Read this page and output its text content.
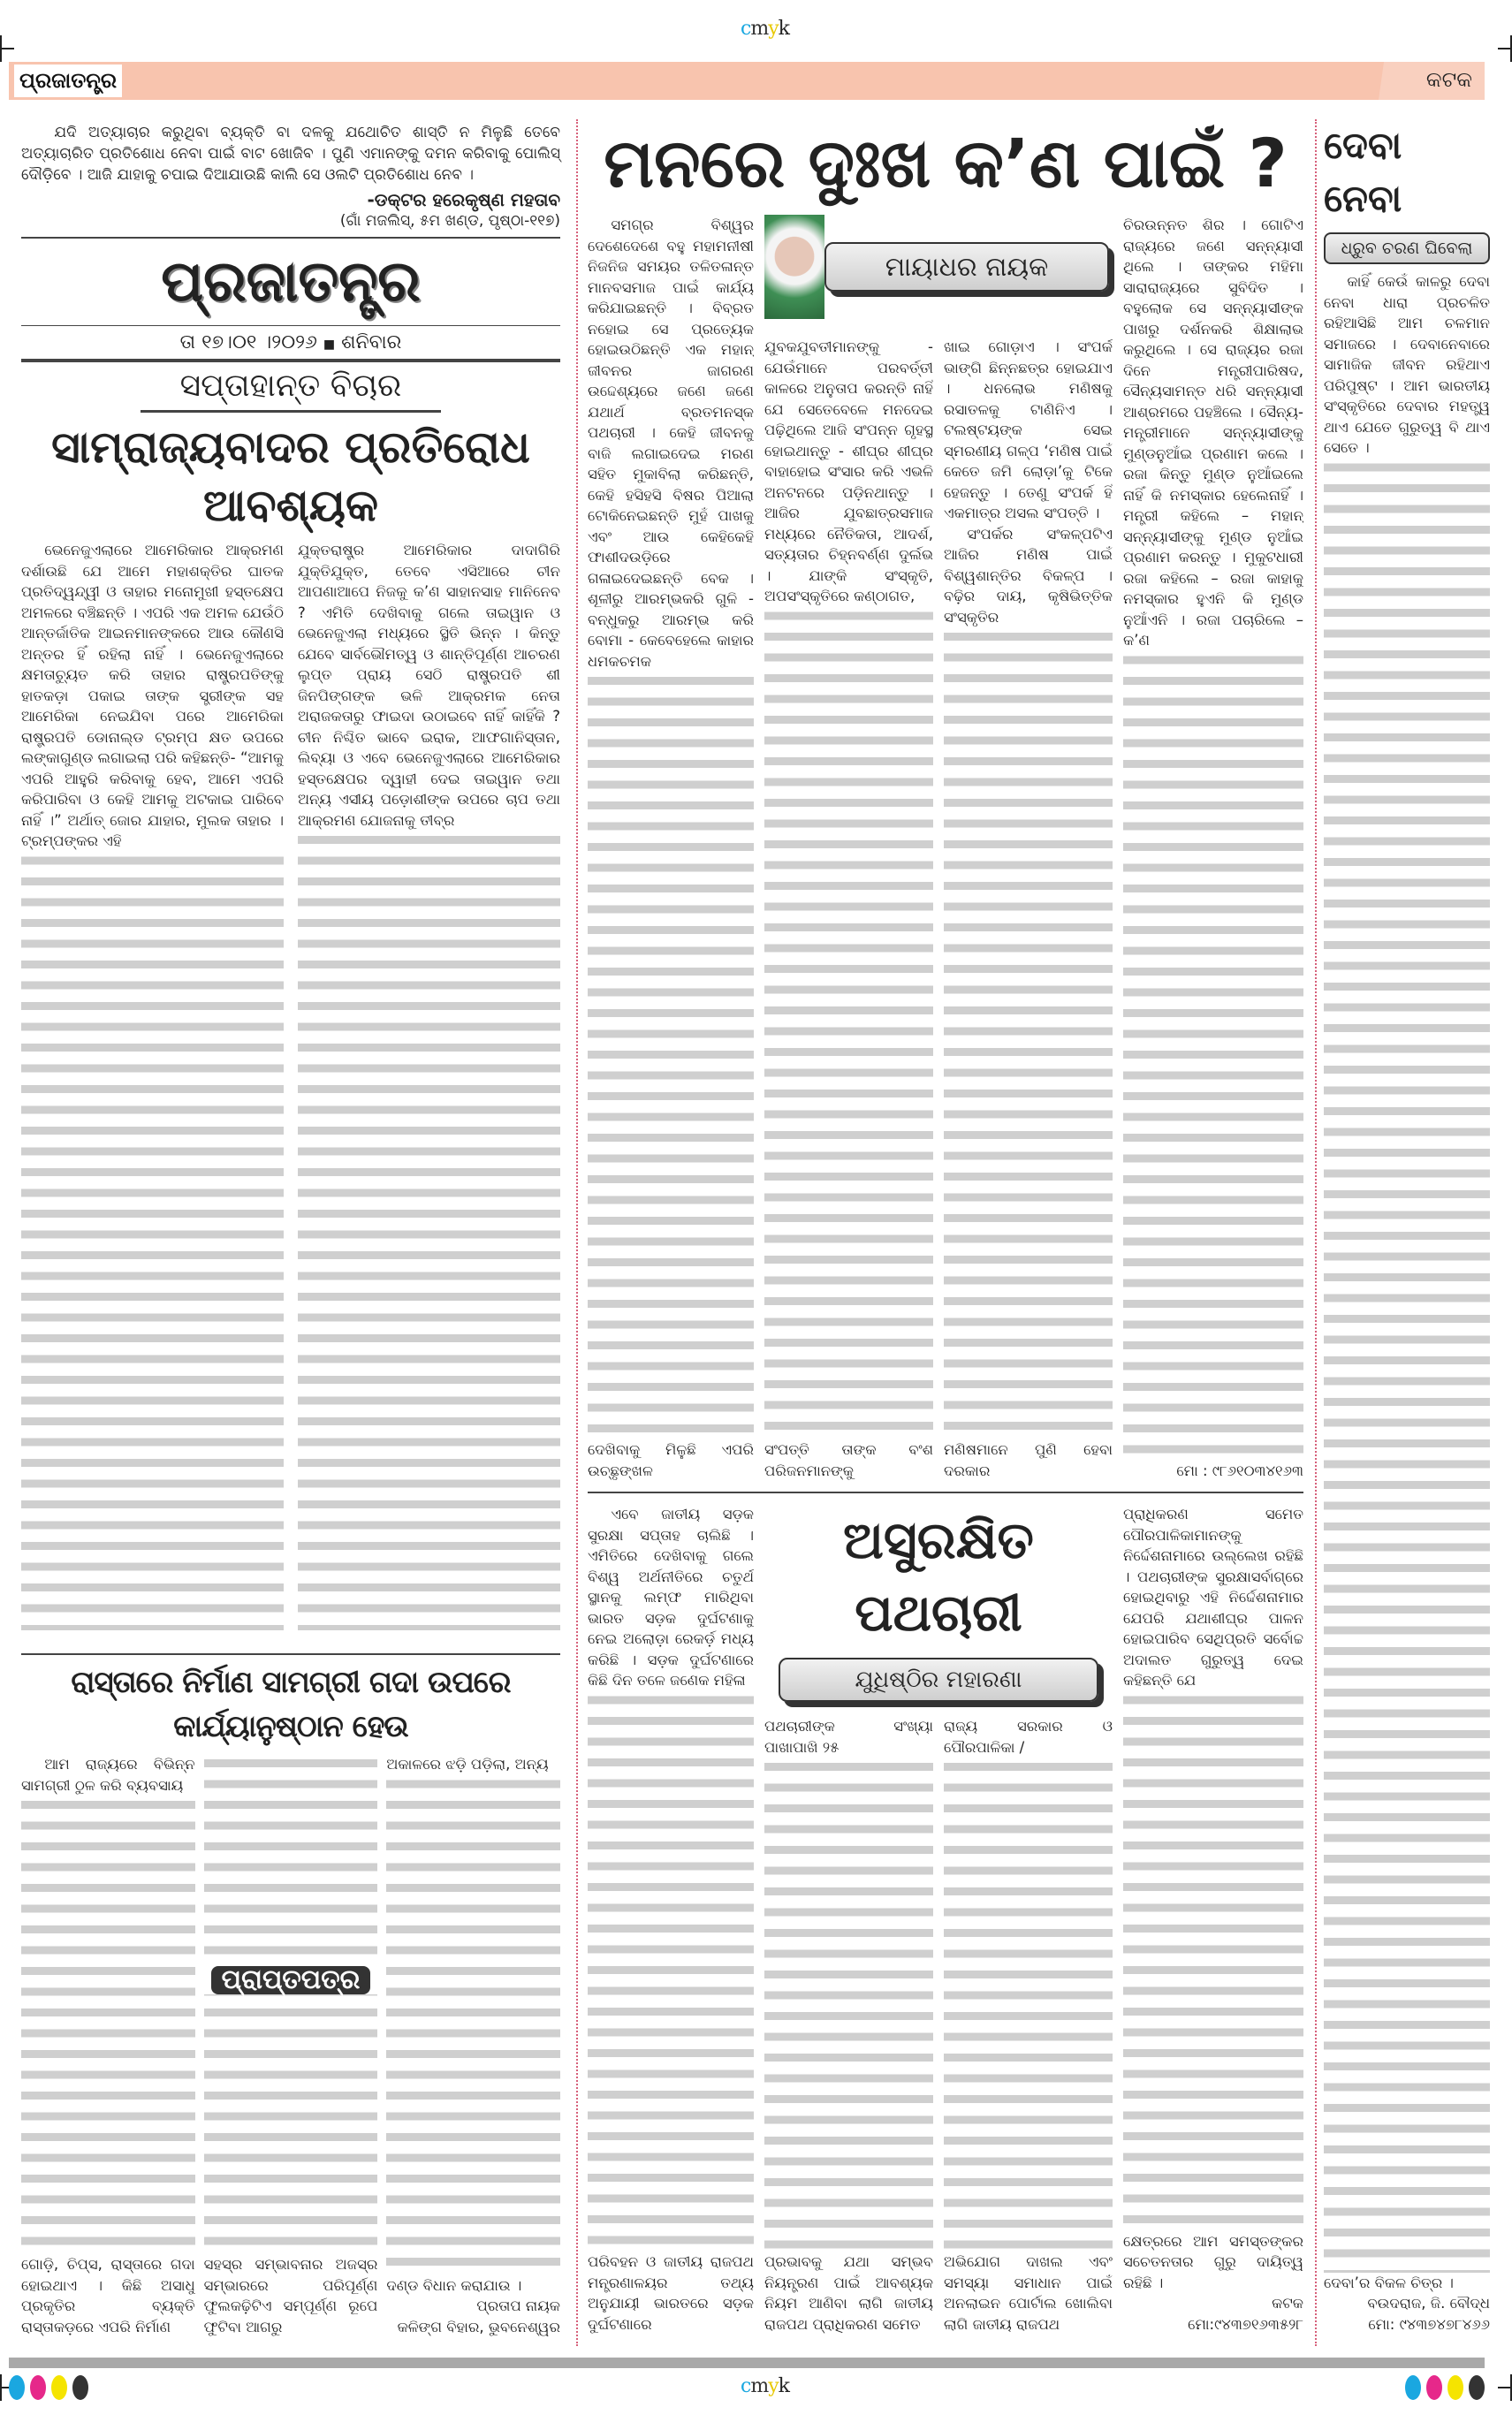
cmyk
ପ୍ରଜାତନ୍ତ୍ର	କଟକ

ଯଦି ଅତ୍ୟାଚାର କରୁଥିବା ବ୍ୟକ୍ତି ବା ଦଳକୁ ଯଥୋଚିତ ଶାସ୍ତି ନ ମିଳୁଛି ତେବେ ଅତ୍ୟାଚାରିତ ପ୍ରତିଶୋଧ ନେବା ପାଇଁ ବାଟ ଖୋଜିବ । ପୁଣି ଏମାନଙ୍କୁ ଦମନ କରିବାକୁ ପୋଲିସ୍ ଦୌଡ଼ିବେ । ଆଜି ଯାହାକୁ ଚପାଇ ଦିଆଯାଉଛି କାଲି ସେ ଓଲଟି ପ୍ରତିଶୋଧ ନେବ ।

-ଡକ୍ଟର ହରେକୃଷ୍ଣ ମହତାବ

(ଗାଁ ମଜଲିସ୍, ୫ମ ଖଣ୍ଡ, ପୃଷ୍ଠା-୧୧୭)

ପ୍ରଜାତନ୍ତ୍ର
ତା ୧୭।୦୧ ।୨୦୨୬ ■ ଶନିବାର
ସପ୍ତାହାନ୍ତ ବିଚାର
ସାମ୍ରାଜ୍ୟବାଦର ପ୍ରତିରୋଧ ଆବଶ୍ୟକ

ଭେନେଜୁଏଲାରେ ଆମେରିକାର ଆକ୍ରମଣ ଦର୍ଶାଉଛି ଯେ ଆମେ ମହାଶକ୍ତିର ଘାତକ ପ୍ରତିଦ୍ୱନ୍ଦ୍ୱୀ ଓ ତାହାର ମନୋମୁଖୀ ହସ୍ତକ୍ଷେପ ଅମଳରେ ବଞ୍ଚିଛନ୍ତି । ଏପରି ଏକ ଅମଳ ଯେଉଁଠି ଆନ୍ତର୍ଜାତିକ ଆଇନମାନଙ୍କରେ ଆଉ କୌଣସି ଅନ୍ତର ହିଁ ରହିଲା ନାହିଁ । ଭେନେଜୁଏଲାରେ କ୍ଷମତାଚ୍ୟୁତ କରି ତାହାର ରାଷ୍ଟ୍ରପତିଙ୍କୁ ହାତକଡ଼ା ପକାଇ ତାଙ୍କ ସ୍ତ୍ରୀଙ୍କ ସହ ଆମେରିକା ନେଇଯିବା ପରେ ଆମେରିକା ରାଷ୍ଟ୍ରପତି ଡୋନାଲ୍ଡ ଟ୍ରମ୍ପ କ୍ଷତ ଉପରେ ଲଙ୍କାଗୁଣ୍ଡ ଲଗାଇଲା ପରି କହିଛନ୍ତି- “ଆମକୁ ଏପରି ଆହୁରି କରିବାକୁ ହେବ, ଆମେ ଏପରି କରିପାରିବା ଓ କେହି ଆମକୁ ଅଟକାଇ ପାରିବେ ନାହିଁ ।” ଅର୍ଥାତ୍ ଜୋର ଯାହାର, ମୁଲକ ତାହାର । ଟ୍ରମ୍ପଙ୍କର ଏହି

ଯୁକ୍ତରାଷ୍ଟ୍ର ଆମେରିକାର ଦାଦାଗିରି ଯୁକ୍ତିଯୁକ୍ତ, ତେବେ ଏସିଆରେ ଚୀନ ଆପଣାଆପେ ନିଜକୁ କ’ଣ ସାହାନସାହ ମାନିନେବ ? ଏମିତି ଦେଖିବାକୁ ଗଲେ ତାଇୱାନ ଓ ଭେନେଜୁଏଲା ମଧ୍ୟରେ ସ୍ଥିତି ଭିନ୍ନ । କିନ୍ତୁ ଯେବେ ସାର୍ବଭୌମତ୍ୱ ଓ ଶାନ୍ତିପୂର୍ଣ୍ଣ ଆଚରଣ ଲୁପ୍ତ ପ୍ରାୟ ସେଠି ରାଷ୍ଟ୍ରପତି ଶୀ ଜିନପିଙ୍ଗଙ୍କ ଭଳି ଆକ୍ରମକ ନେତା ଅରାଜକତାରୁ ଫାଇଦା ଉଠାଇବେ ନାହିଁ କାହିଁକି ? ଚୀନ ନିଶ୍ଚିତ ଭାବେ ଇରାକ, ଆଫଗାନିସ୍ତାନ, ଲିବ୍ୟା ଓ ଏବେ ଭେନେଜୁଏଲାରେ ଆମେରିକାର ହସ୍ତକ୍ଷେପର ଦ୍ୱାହୀ ଦେଇ ତାଇୱାନ ତଥା ଅନ୍ୟ ଏସୀୟ ପଡ଼ୋଶୀଙ୍କ ଉପରେ ଚାପ ତଥା ଆକ୍ରମଣ ଯୋଜନାକୁ ତୀବ୍ର

ରାସ୍ତାରେ ନିର୍ମାଣ ସାମଗ୍ରୀ ଗଦା ଉପରେ କାର୍ଯ୍ୟାନୁଷ୍ଠାନ ହେଉ

ଆମ ରାଜ୍ୟରେ ବିଭିନ୍ନ ସାମଗ୍ରୀ ଠୁଳ କରି ବ୍ୟବସାୟ

ଗୋଡ଼ି, ଚିପ୍ସ, ରାସ୍ତାରେ ଗଦା ହୋଇଥାଏ । କିଛି ଅସାଧୁ ପ୍ରକୃତିର ବ୍ୟକ୍ତି ରାସ୍ତାକଡ଼ରେ ଏପରି ନିର୍ମାଣ

ପ୍ରାପ୍ତପତ୍ର

ସହସ୍ର ସମ୍ଭାବନାର ଅଜସ୍ର ସମ୍ଭାରରେ ପରିପୂର୍ଣ୍ଣ ଫୁଲକଢ଼ିଟିଏ ସମ୍ପୂର୍ଣ୍ଣ ରୂପେ ଫୁଟିବା ଆଗରୁ

ଅକାଳରେ ଝଡ଼ି ପଡ଼ିଲା, ଅନ୍ୟ

ଦଣ୍ଡ ବିଧାନ କରାଯାଉ ।

ପ୍ରତାପ ନାୟକ

କଳିଙ୍ଗ ବିହାର, ଭୁବନେଶ୍ୱର

ମନରେ ଦୁଃଖ କ’ଣ ପାଇଁ ?

ସମଗ୍ର ବିଶ୍ୱର ଦେଶେଦେଶେ ବହୁ ମହାମନୀଷୀ ନିଜନିଜ ସମୟର ତଳିତଳାନ୍ତ ମାନବସମାଜ ପାଇଁ କାର୍ଯ୍ୟ କରିଯାଇଛନ୍ତି । ବିବ୍ରତ ନହୋଇ ସେ ପ୍ରତ୍ୟେକ ହୋଇଉଠିଛନ୍ତି ଏକ ମହାନ୍ ଜୀବନର ଜାଗରଣ ଉଦ୍ଦେଶ୍ୟରେ ଜଣେ ଜଣେ ଯଥାର୍ଥ ବ୍ରତମନସ୍କ ପଥଚାରୀ । କେହି ଜୀବନକୁ ବାଜି ଲଗାଇଦେଇ ମରଣ ସହିତ ମୁକାବିଲା କରିଛନ୍ତି, କେହି ହସିହସି ବିଷର ପିଆଲା ଟୋକିନେଇଛନ୍ତି ମୁହଁ ପାଖକୁ ଏବଂ ଆଉ କେହିକେହି ଫାଶୀଦଉଡ଼ିରେ ଗଳାଇଦେଇଛନ୍ତି ବେକ । ଶୂଳୀରୁ ଆରମ୍ଭକରି ଗୁଳି - ବନ୍ଧୁକରୁ ଆରମ୍ଭ କରି ବୋମା - କେବେହେଲେ କାହାର ଧମକଚମକ

ଦେଖିବାକୁ ମିଳୁଛି ଏପରି ଉଚ୍ଛୃଙ୍ଖଳ

ମାୟାଧର ନାୟକ

ଯୁବକଯୁବତୀମାନଙ୍କୁ - ଯେଉଁମାନେ ପରବର୍ତ୍ତୀ କାଳରେ ଅନୁତାପ କରନ୍ତି ନାହିଁ ଯେ ସେତେବେଳେ ମନଦେଇ ପଢ଼ିଥିଲେ ଆଜି ସଂପନ୍ନ ଗୃହସ୍ଥ ହୋଇଥାନ୍ତୁ - ଶୀଘ୍ର ଶୀଘ୍ର ବାହାହୋଇ ସଂସାର କରି ଏଭଳି ଅନଟନରେ ପଡ଼ିନଥାନ୍ତୁ । ଆଜିର ଯୁବଛାତ୍ରସମାଜ ମଧ୍ୟରେ ନୈତିକତା, ଆଦର୍ଶ, ସତ୍ୟତାର ଚିହ୍ନବର୍ଣ୍ଣ ଦୁର୍ଲଭ । ଯାଙ୍କି ସଂସ୍କୃତି, ଅପସଂସ୍କୃତିରେ କଣ୍ଠାଗତ,

ସଂପତ୍ତି ତାଙ୍କ ବଂଶ ପରିଜନମାନଙ୍କୁ

ଖାଇ ଗୋଡ଼ାଏ । ସଂପର୍କ ଭାଙ୍ଗି ଛିନ୍ନଛତ୍ର ହୋଇଯାଏ । ଧନଲୋଭ ମଣିଷକୁ ରସାତଳକୁ ଟାଣିନିଏ । ଟଲଷ୍ଟୟଙ୍କ ସେଇ ସ୍ମରଣୀୟ ଗଳ୍ପ ‘ମଣିଷ ପାଇଁ କେତେ ଜମି ଲୋଡ଼ା’କୁ ଟିକେ ହେଜନ୍ତୁ । ତେଣୁ ସଂପର୍କ ହିଁ ଏକମାତ୍ର ଅସଲ ସଂପତ୍ତି ।

ସଂପର୍କର ସଂକଳ୍ପଟିଏ ଆଜିର ମଣିଷ ପାଇଁ ବିଶ୍ୱଶାନ୍ତିର ବିକଳ୍ପ । ବଢ଼ିର ଦାୟ, କୃଷିଭିତ୍ତିକ ସଂସ୍କୃତିର

ମଣିଷମାନେ ପୁଣି ହେବା ଦରକାର

ଚିରଉନ୍ନତ ଶିର । ଗୋଟିଏ ରାଜ୍ୟରେ ଜଣେ ସନ୍ନ୍ୟାସୀ ଥିଲେ । ତାଙ୍କର ମହିମା ସାରାରାଜ୍ୟରେ ସୁବିଦିତ । ବହୁଲୋକ ସେ ସନ୍ନ୍ୟାସୀଙ୍କ ପାଖରୁ ଦର୍ଶନକରି ଶିକ୍ଷାଲାଭ କରୁଥିଲେ । ସେ ରାଜ୍ୟର ରଜା ଦିନେ ମନ୍ତ୍ରୀପାରିଷଦ, ସୈନ୍ୟସାମନ୍ତ ଧରି ସନ୍ନ୍ୟାସୀ ଆଶ୍ରମରେ ପହଞ୍ଚିଲେ । ସୈନ୍ୟ-ମନ୍ତ୍ରୀମାନେ ସନ୍ନ୍ୟାସୀଙ୍କୁ ମୁଣ୍ଡନୁଆଁଇ ପ୍ରଣାମ କଲେ । ରଜା କିନ୍ତୁ ମୁଣ୍ଡ ନୁଆଁଇଲେ ନାହିଁ କି ନମସ୍କାର ହେଲେନାହିଁ । ମନ୍ତ୍ରୀ କହିଲେ – ମହାନ୍ ସନ୍ନ୍ୟାସୀଙ୍କୁ ମୁଣ୍ଡ ନୁଆଁଇ ପ୍ରଣାମ କରନ୍ତୁ । ମୁକୁଟଧାରୀ ରଜା କହିଲେ – ରଜା କାହାକୁ ନମସ୍କାର ହୁଏନି କି ମୁଣ୍ଡ ନୁଆଁଏନି । ରଜା ପଚାରିଲେ – କ’ଣ

ମୋ : ୯୮୬୧୦୩୪୧୬୩

ଏବେ ଜାତୀୟ ସଡ଼କ ସୁରକ୍ଷା ସପ୍ତାହ ଚାଲିଛି । ଏମିତିରେ ଦେଖିବାକୁ ଗଲେ ବିଶ୍ୱ ଅର୍ଥନୀତିରେ ଚତୁର୍ଥ ସ୍ଥାନକୁ ଲମ୍ଫ ମାରିଥିବା ଭାରତ ସଡ଼କ ଦୁର୍ଘଟଣାକୁ ନେଇ ଅଲୋଡ଼ା ରେକର୍ଡ଼ ମଧ୍ୟ କରିଛି । ସଡ଼କ ଦୁର୍ଘଟଣାରେ କିଛି ଦିନ ତଳେ ଜଣେକ ମହିଳା

ପରିବହନ ଓ ଜାତୀୟ ରାଜପଥ ମନ୍ତ୍ରଣାଳୟର ତଥ୍ୟ ଅନୁଯାୟୀ ଭାରତରେ ସଡ଼କ ଦୁର୍ଘଟଣାରେ

ଅସୁରକ୍ଷିତ ପଥଚାରୀ
ଯୁଧିଷ୍ଠିର ମହାରଣା

ପଥଚାରୀଙ୍କ ସଂଖ୍ୟା ପାଖାପାଖି ୨୫

ପ୍ରଭାବକୁ ଯଥା ସମ୍ଭବ ନିୟନ୍ତ୍ରଣ ପାଇଁ ଆବଶ୍ୟକ ନିୟମ ଆଣିବା ଲାଗି ଜାତୀୟ ରାଜପଥ ପ୍ରାଧିକରଣ ସମେତ

ରାଜ୍ୟ ସରକାର ଓ ପୌରପାଳିକା /

ଅଭିଯୋଗ ଦାଖଲ ଏବଂ ସମସ୍ୟା ସମାଧାନ ପାଇଁ ଅନଲାଇନ ପୋର୍ଟାଲ ଖୋଲିବା ଲାଗି ଜାତୀୟ ରାଜପଥ

ପ୍ରାଧିକରଣ ସମେତ ପୌରପାଳିକାମାନଙ୍କୁ ନିର୍ଦ୍ଦେଶନାମାରେ ଉଲ୍ଲେଖ ରହିଛି । ପଥଚାରୀଙ୍କ ସୁରକ୍ଷାସର୍ବାଗ୍ରେ ହୋଇଥିବାରୁ ଏହି ନିର୍ଦ୍ଦେଶନାମାର ଯେପରି ଯଥାଶୀଘ୍ର ପାଳନ ହୋଇପାରିବ ସେଥିପ୍ରତି ସର୍ବୋଚ୍ଚ ଅଦାଲତ ଗୁରୁତ୍ୱ ଦେଇ କହିଛନ୍ତି ଯେ

କ୍ଷେତ୍ରରେ ଆମ ସମସ୍ତଙ୍କର ସଚେତନତାର ଗୁରୁ ଦାୟିତ୍ୱ ରହିଛି ।

କଟକ

ମୋ:୯୪୩୭୧୬୩୫୨୮

ଦେବା ନେବା
ଧ୍ରୁବ ଚରଣ ଘିବେଲା

କାହିଁ କେଉଁ କାଳରୁ ଦେବା ନେବା ଧାରା ପ୍ରଚଳିତ ରହିଆସିଛି ଆମ ଚଳମାନ ସମାଜରେ । ଦେବାନେବାରେ ସାମାଜିକ ଜୀବନ ରହିଥାଏ ପରିପୁଷ୍ଟ । ଆମ ଭାରତୀୟ ସଂସ୍କୃତିରେ ଦେବାର ମହତ୍ତ୍ୱ ଥାଏ ଯେତେ ଗୁରୁତ୍ୱ ବି ଥାଏ ସେତେ ।

ଦେବା’ର ବିକଳ ଚିତ୍ର ।

ବଉଦରାଜ, ଜି. ବୌଦ୍ଧ

ମୋ: ୯୪୩୭୪୭୮୪୬୬

cmyk
